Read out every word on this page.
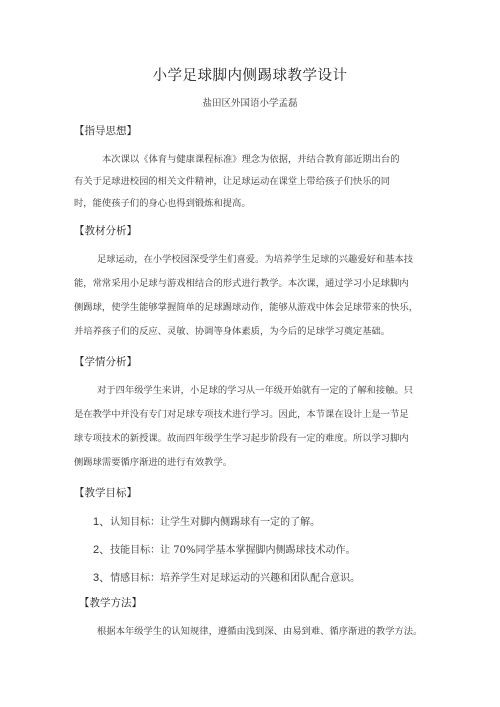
小学足球脚内侧踢球教学设计
盐田区外国语小学孟磊
【指导思想】
本次课以《体育与健康课程标准》理念为依据，并结合教育部近期出台的
有关于足球进校园的相关文件精神，让足球运动在课堂上带给孩子们快乐的同
时，能使孩子们的身心也得到锻炼和提高。
【教材分析】
足球运动，在小学校园深受学生们喜爱。为培养学生足球的兴趣爱好和基本技
能，常常采用小足球与游戏相结合的形式进行教学。本次课，通过学习小足球脚内
侧踢球，使学生能够掌握简单的足球踢球动作，能够从游戏中体会足球带来的快乐，
并培养孩子们的反应、灵敏、协调等身体素质，为今后的足球学习奠定基础。
【学情分析】
对于四年级学生来讲，小足球的学习从一年级开始就有一定的了解和接触。只
是在教学中并没有专门对足球专项技术进行学习。因此，本节课在设计上是一节足
球专项技术的新授课。故而四年级学生学习起步阶段有一定的难度。所以学习脚内
侧踢球需要循序渐进的进行有效教学。
【教学目标】
1、认知目标：让学生对脚内侧踢球有一定的了解。
2、技能目标：让 70%同学基本掌握脚内侧踢球技术动作。
3、情感目标：培养学生对足球运动的兴趣和团队配合意识。
【教学方法】
根据本年级学生的认知规律，遵循由浅到深、由易到难、循序渐进的教学方法。
